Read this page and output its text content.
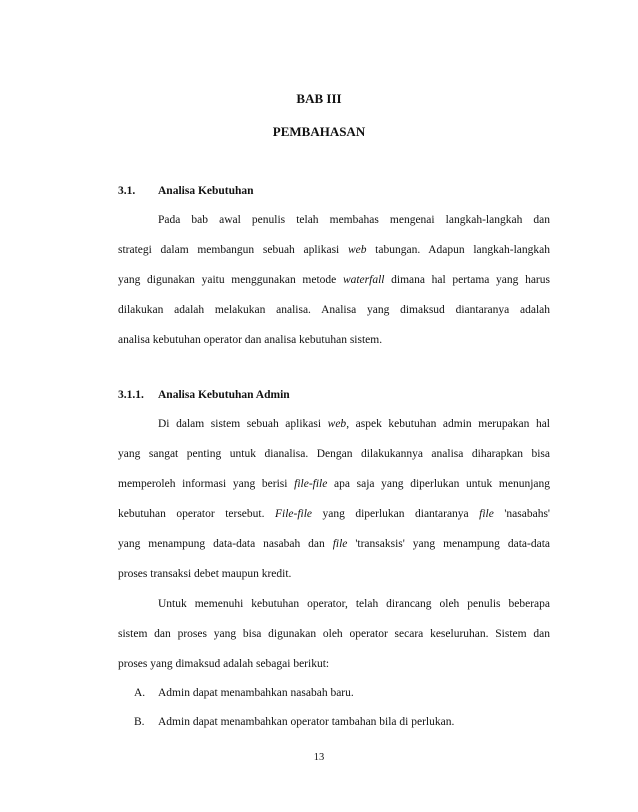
BAB III
PEMBAHASAN
3.1. Analisa Kebutuhan
Pada bab awal penulis telah membahas mengenai langkah-langkah dan
strategi dalam membangun sebuah aplikasi web tabungan. Adapun langkah-langkah
yang digunakan yaitu menggunakan metode waterfall dimana hal pertama yang harus
dilakukan adalah melakukan analisa. Analisa yang dimaksud diantaranya adalah
analisa kebutuhan operator dan analisa kebutuhan sistem.
3.1.1. Analisa Kebutuhan Admin
Di dalam sistem sebuah aplikasi web, aspek kebutuhan admin merupakan hal
yang sangat penting untuk dianalisa. Dengan dilakukannya analisa diharapkan bisa
memperoleh informasi yang berisi file-file apa saja yang diperlukan untuk menunjang
kebutuhan operator tersebut. File-file yang diperlukan diantaranya file 'nasabahs'
yang menampung data-data nasabah dan file 'transaksis' yang menampung data-data
proses transaksi debet maupun kredit.
Untuk memenuhi kebutuhan operator, telah dirancang oleh penulis beberapa
sistem dan proses yang bisa digunakan oleh operator secara keseluruhan. Sistem dan
proses yang dimaksud adalah sebagai berikut:
A. Admin dapat menambahkan nasabah baru.
B. Admin dapat menambahkan operator tambahan bila di perlukan.
13
